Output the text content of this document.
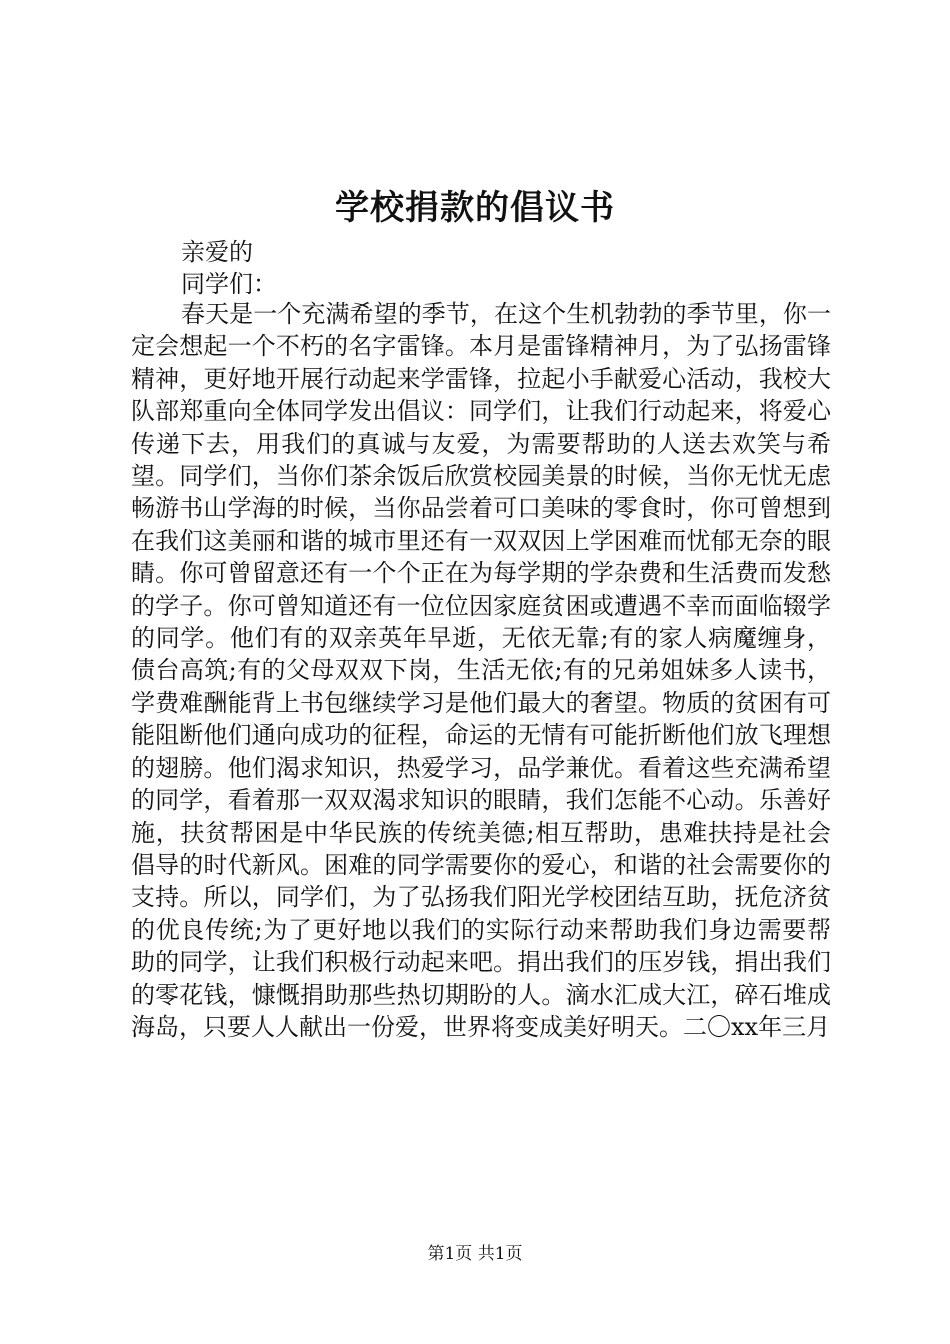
学校捐款的倡议书
亲爱的
同学们：

春天是一个充满希望的季节，在这个生机勃勃的季节里，你一定会想起一个不朽的名字雷锋。本月是雷锋精神月，为了弘扬雷锋精神，更好地开展行动起来学雷锋，拉起小手献爱心活动，我校大队部郑重向全体同学发出倡议：同学们，让我们行动起来，将爱心传递下去，用我们的真诚与友爱，为需要帮助的人送去欢笑与希望。同学们，当你们茶余饭后欣赏校园美景的时候，当你无忧无虑畅游书山学海的时候，当你品尝着可口美味的零食时，你可曾想到在我们这美丽和谐的城市里还有一双双因上学困难而忧郁无奈的眼睛。你可曾留意还有一个个正在为每学期的学杂费和生活费而发愁的学子。你可曾知道还有一位位因家庭贫困或遭遇不幸而面临辍学的同学。他们有的双亲英年早逝，无依无靠;有的家人病魔缠身，债台高筑;有的父母双双下岗，生活无依;有的兄弟姐妹多人读书，学费难酬能背上书包继续学习是他们最大的奢望。物质的贫困有可能阻断他们通向成功的征程，命运的无情有可能折断他们放飞理想的翅膀。他们渴求知识，热爱学习，品学兼优。看着这些充满希望的同学，看着那一双双渴求知识的眼睛，我们怎能不心动。乐善好施，扶贫帮困是中华民族的传统美德;相互帮助，患难扶持是社会倡导的时代新风。困难的同学需要你的爱心，和谐的社会需要你的支持。所以，同学们，为了弘扬我们阳光学校团结互助，抚危济贫的优良传统;为了更好地以我们的实际行动来帮助我们身边需要帮助的同学，让我们积极行动起来吧。捐出我们的压岁钱，捐出我们的零花钱，慷慨捐助那些热切期盼的人。滴水汇成大江，碎石堆成海岛，只要人人献出一份爱，世界将变成美好明天。二〇xx年三月

第1页 共1页
